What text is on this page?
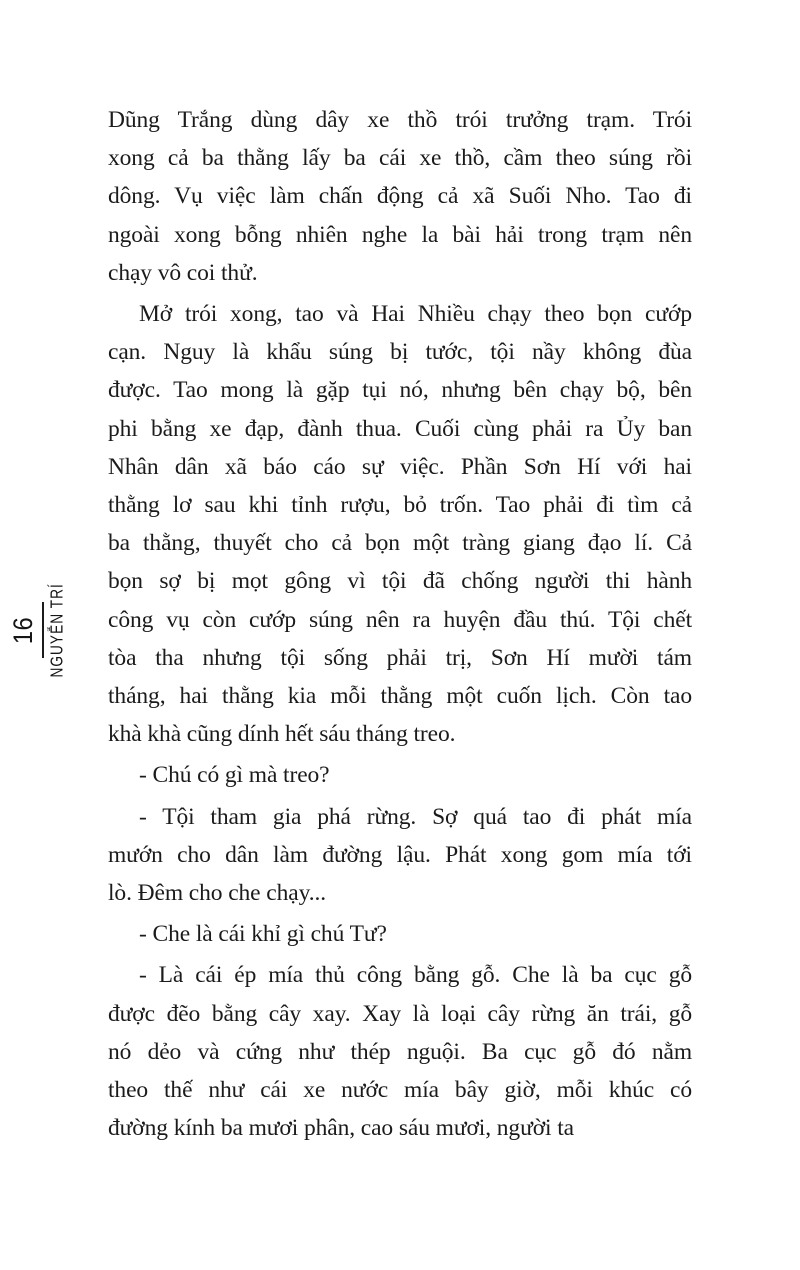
16 NGUYỄN TRÍ
Dũng Trắng dùng dây xe thồ trói trưởng trạm. Trói
xong cả ba thằng lấy ba cái xe thồ, cầm theo súng rồi
dông. Vụ việc làm chấn động cả xã Suối Nho. Tao đi
ngoài xong bỗng nhiên nghe la bài hải trong trạm nên
chạy vô coi thử.
Mở trói xong, tao và Hai Nhiều chạy theo bọn cướp
cạn. Nguy là khẩu súng bị tước, tội nầy không đùa
được. Tao mong là gặp tụi nó, nhưng bên chạy bộ, bên
phi bằng xe đạp, đành thua. Cuối cùng phải ra Ủy ban
Nhân dân xã báo cáo sự việc. Phần Sơn Hí với hai
thằng lơ sau khi tỉnh rượu, bỏ trốn. Tao phải đi tìm cả
ba thằng, thuyết cho cả bọn một tràng giang đạo lí. Cả
bọn sợ bị mọt gông vì tội đã chống người thi hành
công vụ còn cướp súng nên ra huyện đầu thú. Tội chết
tòa tha nhưng tội sống phải trị, Sơn Hí mười tám
tháng, hai thằng kia mỗi thằng một cuốn lịch. Còn tao
khà khà cũng dính hết sáu tháng treo.
- Chú có gì mà treo?
- Tội tham gia phá rừng. Sợ quá tao đi phát mía
mướn cho dân làm đường lậu. Phát xong gom mía tới
lò. Đêm cho che chạy...
- Che là cái khỉ gì chú Tư?
- Là cái ép mía thủ công bằng gỗ. Che là ba cục gỗ
được đẽo bằng cây xay. Xay là loại cây rừng ăn trái, gỗ
nó dẻo và cứng như thép nguội. Ba cục gỗ đó nằm
theo thế như cái xe nước mía bây giờ, mỗi khúc có
đường kính ba mươi phân, cao sáu mươi, người ta
